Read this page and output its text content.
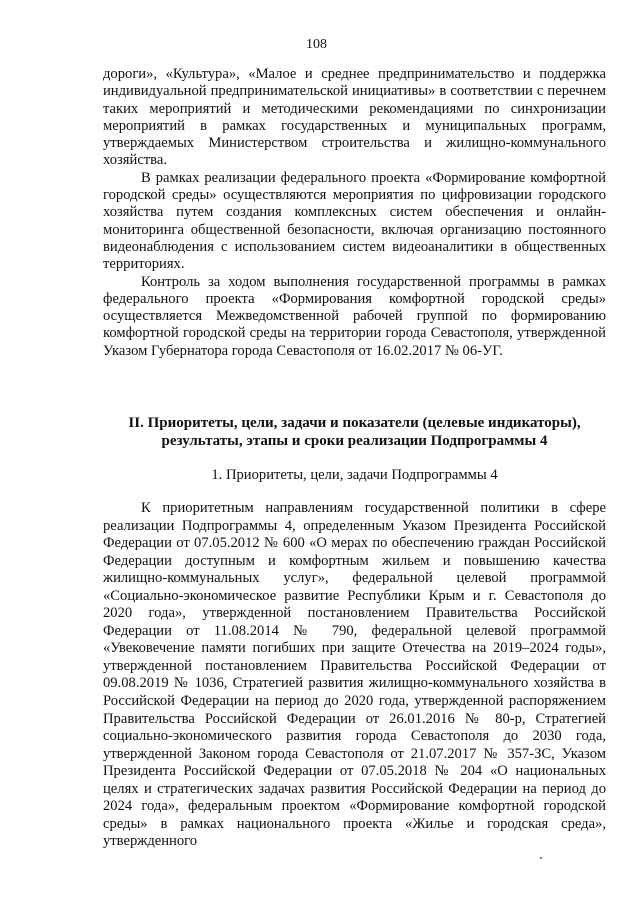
108

дороги», «Культура», «Малое и среднее предпринимательство и поддержка индивидуальной предпринимательской инициативы» в соответствии с перечнем таких мероприятий и методическими рекомендациями по синхронизации мероприятий в рамках государственных и муниципальных программ, утверждаемых Министерством строительства и жилищно-коммунального хозяйства.

В рамках реализации федерального проекта «Формирование комфортной городской среды» осуществляются мероприятия по цифровизации городского хозяйства путем создания комплексных систем обеспечения и онлайн-мониторинга общественной безопасности, включая организацию постоянного видеонаблюдения с использованием систем видеоаналитики в общественных территориях.

Контроль за ходом выполнения государственной программы в рамках федерального проекта «Формирования комфортной городской среды» осуществляется Межведомственной рабочей группой по формированию комфортной городской среды на территории города Севастополя, утвержденной Указом Губернатора города Севастополя от 16.02.2017 № 06-УГ.

II. Приоритеты, цели, задачи и показатели (целевые индикаторы), результаты, этапы и сроки реализации Подпрограммы 4
1. Приоритеты, цели, задачи Подпрограммы 4

К приоритетным направлениям государственной политики в сфере реализации Подпрограммы 4, определенным Указом Президента Российской Федерации от 07.05.2012 № 600 «О мерах по обеспечению граждан Российской Федерации доступным и комфортным жильем и повышению качества жилищно-коммунальных услуг», федеральной целевой программой «Социально-экономическое развитие Республики Крым и г. Севастополя до 2020 года», утвержденной постановлением Правительства Российской Федерации от 11.08.2014 № 790, федеральной целевой программой «Увековечение памяти погибших при защите Отечества на 2019–2024 годы», утвержденной постановлением Правительства Российской Федерации от 09.08.2019 № 1036, Стратегией развития жилищно-коммунального хозяйства в Российской Федерации на период до 2020 года, утвержденной распоряжением Правительства Российской Федерации от 26.01.2016 № 80-р, Стратегией социально-экономического развития города Севастополя до 2030 года, утвержденной Законом города Севастополя от 21.07.2017 № 357-ЗС, Указом Президента Российской Федерации от 07.05.2018 № 204 «О национальных целях и стратегических задачах развития Российской Федерации на период до 2024 года», федеральным проектом «Формирование комфортной городской среды» в рамках национального проекта «Жилье и городская среда», утвержденного
